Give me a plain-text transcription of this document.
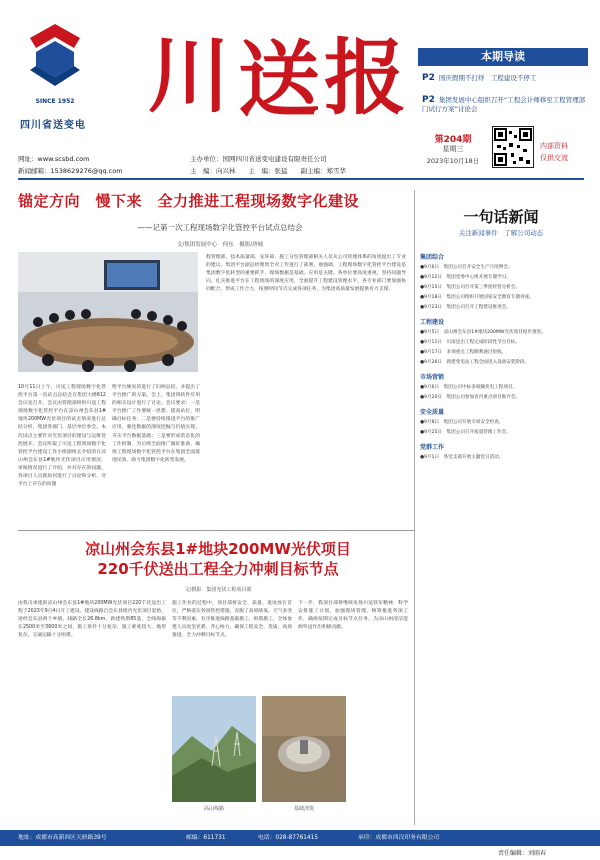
SINCE 1952
四川省送变电
川 送 报	本期导读
P2 国庆假期不打烊　工程建设不停工
P2 集团发展中心组织召开“工程会计师移至工程管理部门试行方案”讨论会
第204期
星期三
2023年10月18日
内部资料
仅供交流
网址：www.scsbd.com
新闻邮箱：1538629276@qq.com
主办单位：国网四川省送变电建设有限责任公司
主　编：向兴林　　主　编：张猛　　副主编：郑雪华
锚定方向　慢下来　全力推进工程现场数字化建设
——记第一次工程现场数字化管控平台试点总结会
文/集团发展中心　何东　摄影/唐城
10月11日上午，川送工程现场数字化管控平台第一次试点总结会在集团大楼612会议室召开。会议由管理部组织川送工程现场数字化管控平台在凉山州会东县1#地块200MW光伏项目的试点情况进行总结分析，集团各部门、基层单位参会。本次试点主要针对光伏项目的建设与运维管控展开，会议听取了川送工程现场数字化管控平台建设工作小组副组长介绍的在凉山州会东县1#地块光伏项目应用情况，审核情况进行了介绍，并对存在的问题、各项目人员就如何进行了讨论和分析，对平台上存在的问题
给平台修复的进行了归纳总结，并提出了平台推广的方案。会上，集团将软件应用的相关设计进行了讨论。会议要求：一是平台推广工作要统一思想、提高站位，明确目标任务；二是要持续推进平台的推广应用，强化数据的深度挖掘与价值实现，夯实平台数据基础；三是要形成常态化的工作机制，为后续全面推广做好准备，确保工程现场数字化管控平台在集团全面落地见效，助力集团数字化转型发展。
程管理部、技术质量部、安环部、施工分包管理部相关人员从公司管理体系的角度提出了专业的建议。集团平台副总经理周全对工作进行了部署，他强调，工程现场数字化管控平台建设是集团数字化转型的重要抓手，现场数据是基础、应用是关键。各单位要高度重视，坚持问题导向，扎实推进平台在工程现场的深度应用，全面提升工程建设管理水平，各专业部门要加强协同配合，形成工作合力，按照时间节点完成各项任务，为集团高质量发展提供有力支撑。
一句话新闻
关注新闻事件　了解公司动态
集团综合
●9月6日　集团公司召开安全生产月度例会。
●9月12日　集团党委中心组开展专题学习。
●9月15日　集团公司召开第三季度经营分析会。
●9月18日　集团公司组织开展国家安全教育专题讲座。
●9月23日　集团公司召开工程建设推进会。
工程建设
●9月5日　凉山州会东县1#地块200MW光伏项目稳步推进。
●9月11日　川南送出工程完成阶段性节点目标。
●9月17日　多项重点工程顺利通过验收。
●9月26日　新建变电站工程全面进入设备安装阶段。
市场营销
●9月6日　集团公司中标多项输变电工程项目。
●9月20日　集团公司参加省内重点项目推介会。
安全质量
●9月8日　集团公司开展专项安全检查。
●9月25日　集团公司召开质量管理工作会。
党群工作
●9月1日　各党支部开展主题党日活动。
凉山州会东县1#地块200MW光伏项目
220千伏送出工程全力冲刺目标节点
文/摄影　集团光伏工程项目部
由我司承建的凉山州会东县1#地块200MW光伏项目220千伏送出工程于2023年9月4日开工建设，建设线路自会东县境内光伏项目起始，途经会东县两个乡镇，线路全长26.8km，新建铁塔85基，全线海拔在2500米至3600米之间，施工条件十分复杂，施工难度较大，地形复杂，交通运输十分困难。
施工作业的过程中，项目部将安全、质量、进度放在首位，严格落实各项管控措施，克服了高原缺氧、天气多变等不利因素，有序推进线路基础施工、组塔施工，全体参建人员攻坚克难、齐心协力，确保工程安全、优质、高效推进，全力冲刺目标节点。
下一步，我项目部将继续发扬川送铁军精神，科学安排施工计划，加强现场管理，统筹推进各项工作，确保按期完成目标节点任务，为凉山州清洁能源外送作出积极贡献。
高山线路	基础浇筑
地址：成都市高新西区天骄路39号	邮编：611731	电话：028-87761415	承印：成都市西汉印务有限公司
责任编辑：刘雨春
